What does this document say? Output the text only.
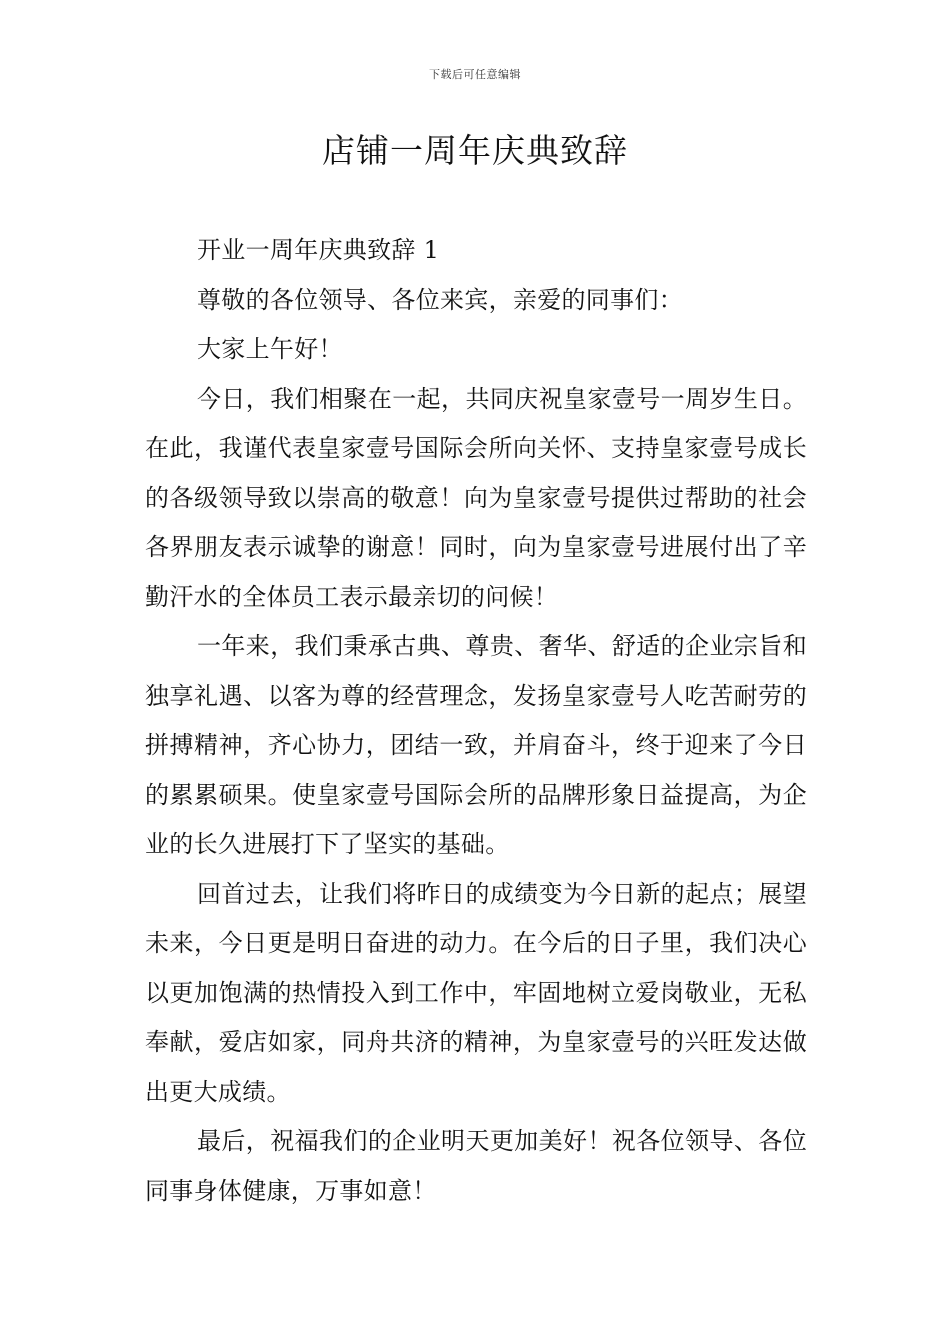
下载后可任意编辑
店铺一周年庆典致辞

开业一周年庆典致辞 1

尊敬的各位领导、各位来宾，亲爱的同事们：

大家上午好！

今日，我们相聚在一起，共同庆祝皇家壹号一周岁生日。在此，我谨代表皇家壹号国际会所向关怀、支持皇家壹号成长的各级领导致以崇高的敬意！向为皇家壹号提供过帮助的社会各界朋友表示诚挚的谢意！同时，向为皇家壹号进展付出了辛勤汗水的全体员工表示最亲切的问候！

一年来，我们秉承古典、尊贵、奢华、舒适的企业宗旨和独享礼遇、以客为尊的经营理念，发扬皇家壹号人吃苦耐劳的拼搏精神，齐心协力，团结一致，并肩奋斗，终于迎来了今日的累累硕果。使皇家壹号国际会所的品牌形象日益提高，为企业的长久进展打下了坚实的基础。

回首过去，让我们将昨日的成绩变为今日新的起点；展望未来，今日更是明日奋进的动力。在今后的日子里，我们决心以更加饱满的热情投入到工作中，牢固地树立爱岗敬业，无私奉献，爱店如家，同舟共济的精神，为皇家壹号的兴旺发达做出更大成绩。

最后，祝福我们的企业明天更加美好！祝各位领导、各位同事身体健康，万事如意！
